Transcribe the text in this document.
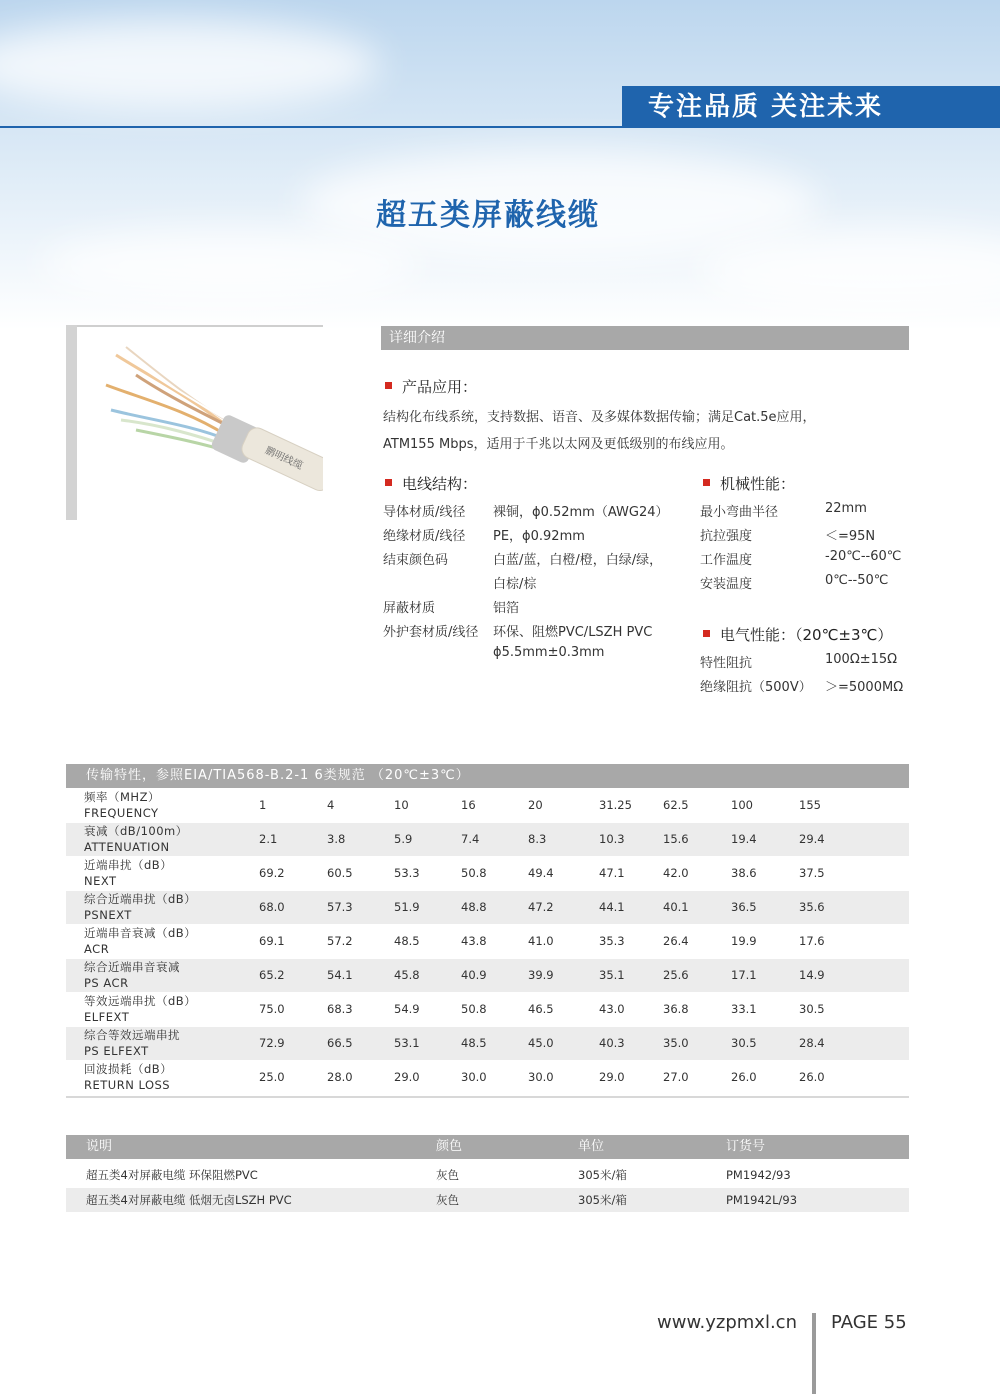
专注品质 关注未来
超五类屏蔽线缆
鹏明线缆
详细介绍
产品应用：
结构化布线系统，支持数据、语音、及多媒体数据传输；满足Cat.5e应用，
ATM155 Mbps，适用于千兆以太网及更低级别的布线应用。
电线结构：
导体材质/线径 裸铜，ϕ0.52mm（AWG24）
绝缘材质/线径 PE，ϕ0.92mm
结束颜色码	白蓝/蓝，白橙/橙，白绿/绿，
白棕/棕
屏蔽材质	铝箔
外护套材质/线径 环保、阻燃PVC/LSZH PVC
ϕ5.5mm±0.3mm
机械性能：
最小弯曲半径	22mm
抗拉强度	＜=95N
工作温度	-20℃--60℃
安装温度	0℃--50℃
电气性能：（20℃±3℃）
特性阻抗	100Ω±15Ω
绝缘阻抗（500V） ＞=5000MΩ
传输特性，参照EIA/TIA568-B.2-1 6类规范 （20℃±3℃）
频率（MHZ）
FREQUENCY
1	4	10	16	20	31.25	62.5	100	155
衰减（dB/100m）
ATTENUATION
2.1	3.8	5.9	7.4	8.3	10.3	15.6	19.4	29.4
近端串扰（dB）
NEXT
69.2	60.5	53.3	50.8	49.4	47.1	42.0	38.6	37.5
综合近端串扰（dB）
PSNEXT
68.0	57.3	51.9	48.8	47.2	44.1	40.1	36.5	35.6
近端串音衰减（dB）
ACR
69.1	57.2	48.5	43.8	41.0	35.3	26.4	19.9	17.6
综合近端串音衰减
PS ACR
65.2	54.1	45.8	40.9	39.9	35.1	25.6	17.1	14.9
等效远端串扰（dB）
ELFEXT
75.0	68.3	54.9	50.8	46.5	43.0	36.8	33.1	30.5
综合等效远端串扰
PS ELFEXT
72.9	66.5	53.1	48.5	45.0	40.3	35.0	30.5	28.4
回波损耗（dB）
RETURN LOSS
25.0	28.0	29.0	30.0	30.0	29.0	27.0	26.0	26.0
说明	颜色	单位	订货号
超五类4对屏蔽电缆 环保阻燃PVC	灰色	305米/箱	PM1942/93
超五类4对屏蔽电缆 低烟无卤LSZH PVC	灰色	305米/箱	PM1942L/93
www.yzpmxl.cn PAGE 55
